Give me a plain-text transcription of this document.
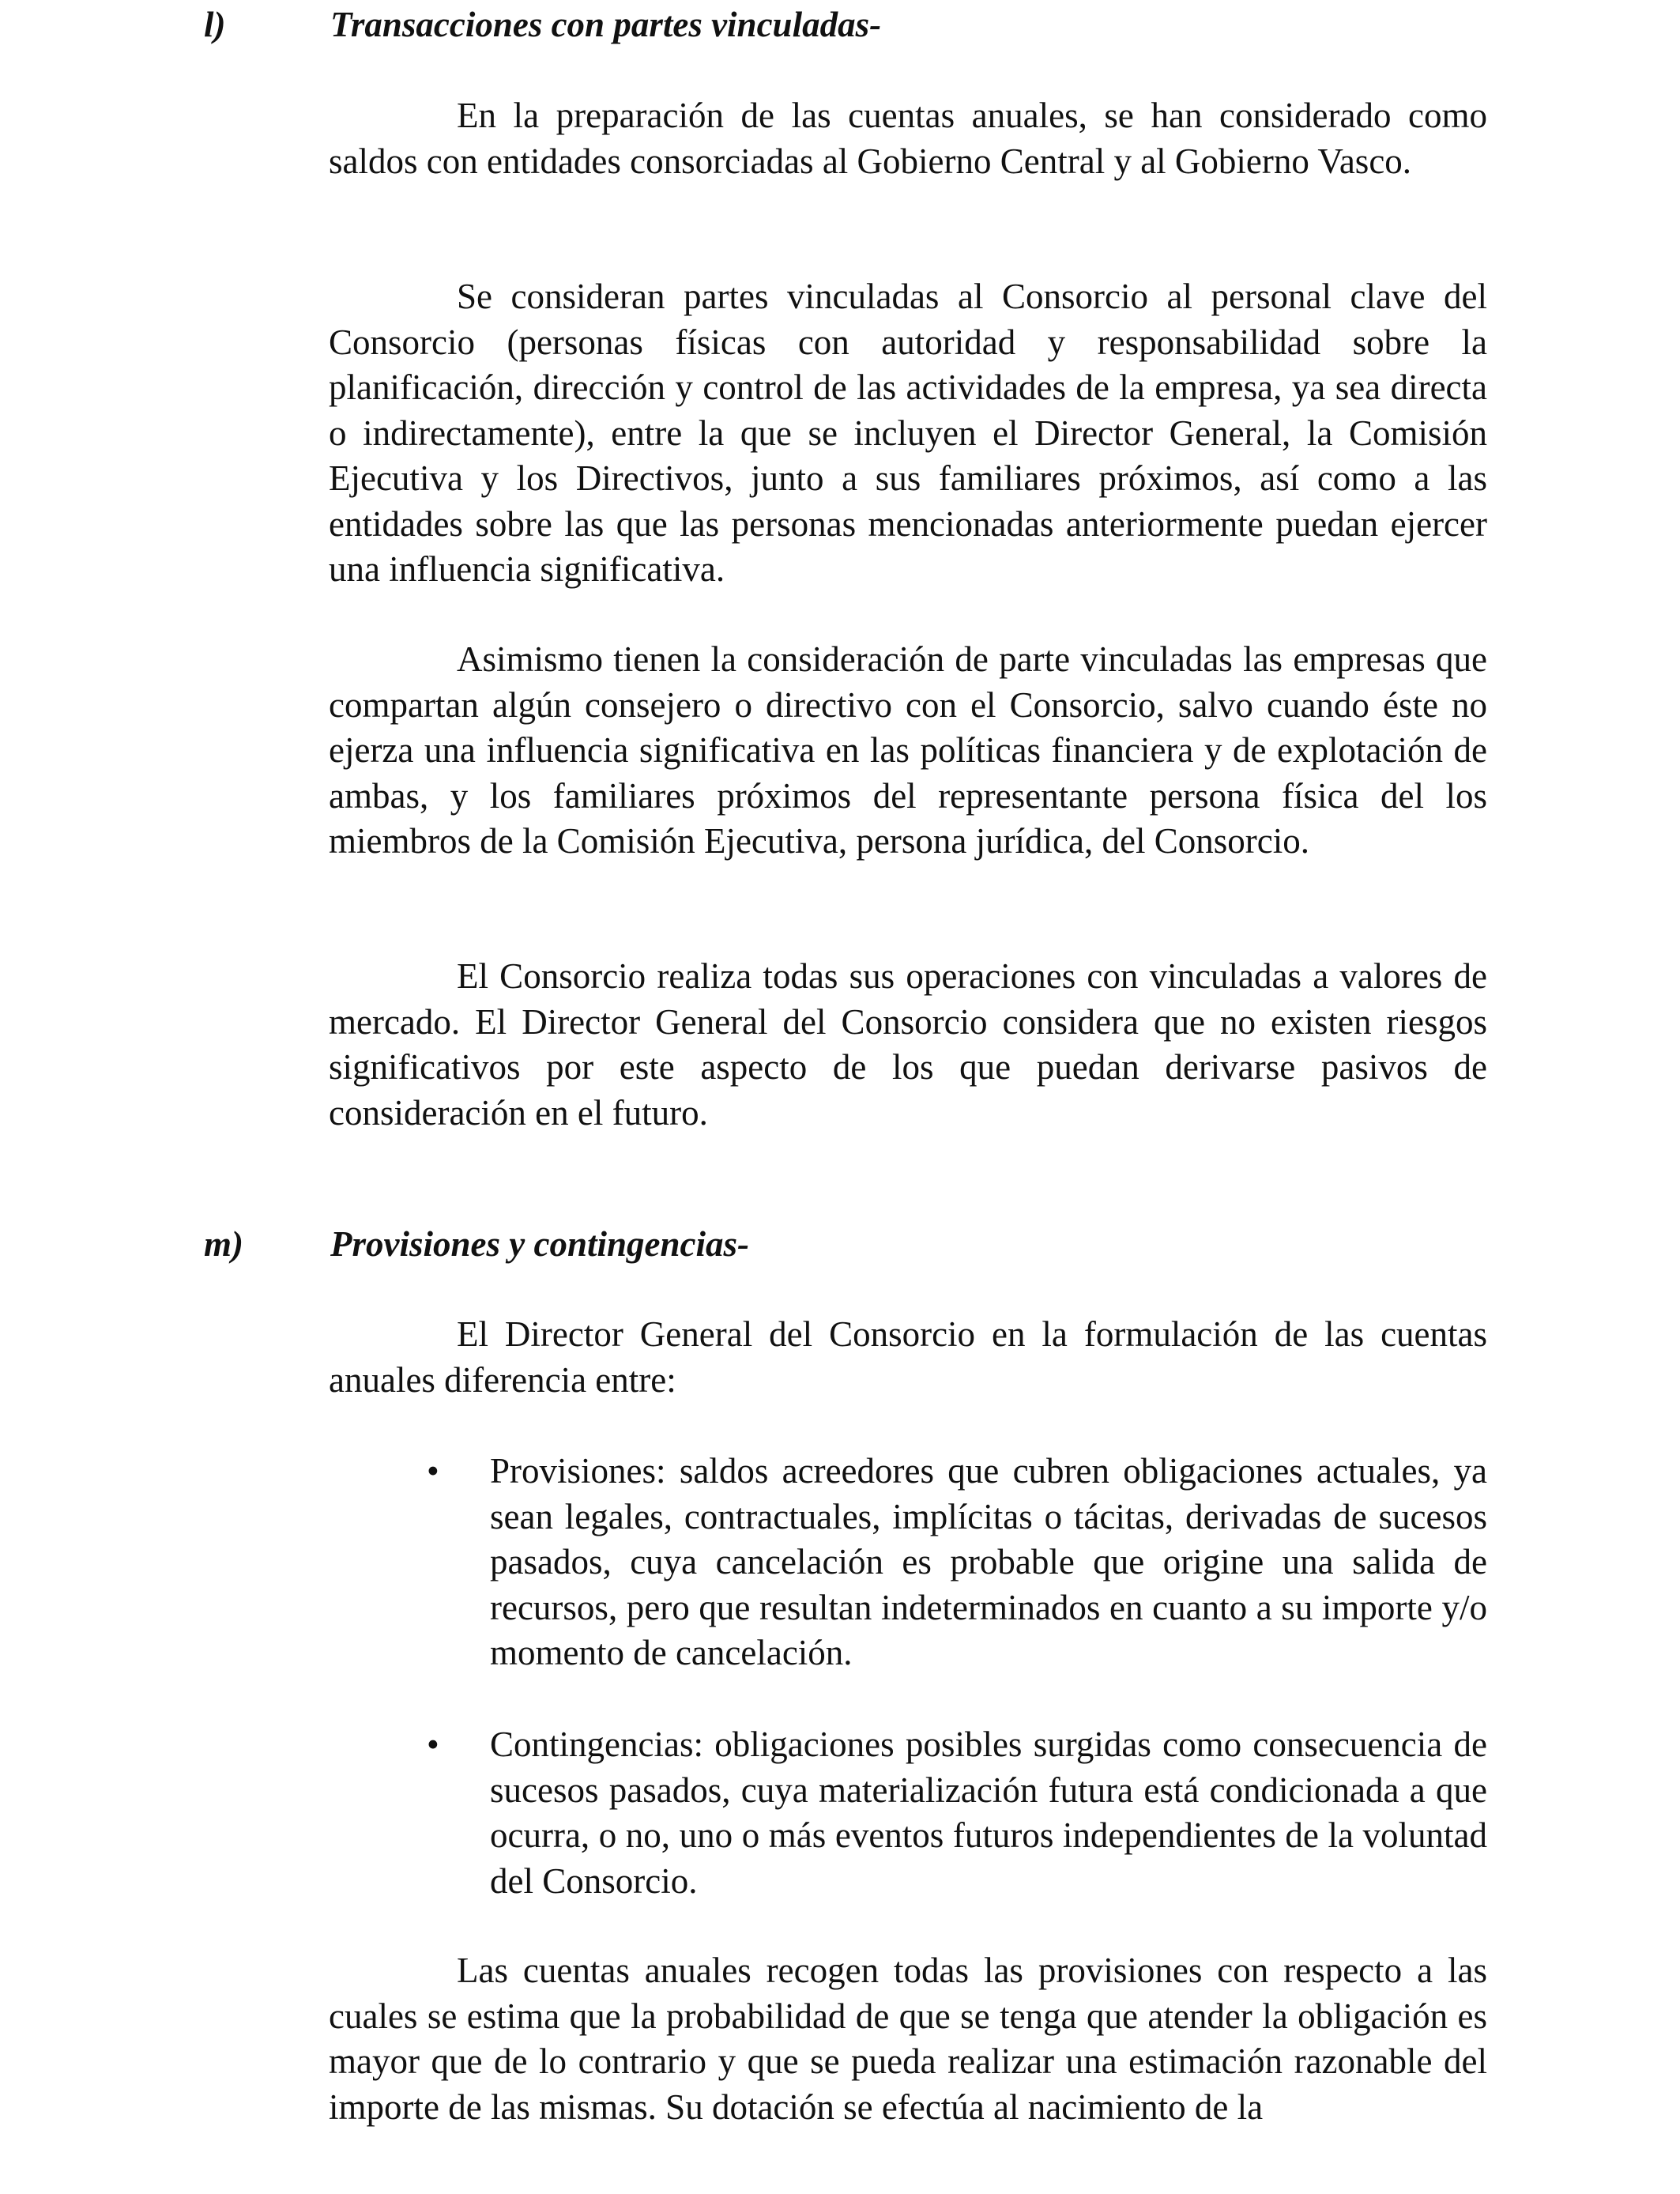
l)	Transacciones con partes vinculadas-

En la preparación de las cuentas anuales, se han considerado como saldos con entidades consorciadas al Gobierno Central y al Gobierno Vasco.

Se consideran partes vinculadas al Consorcio al personal clave del Consorcio (personas físicas con autoridad y responsabilidad sobre la planificación, dirección y control de las actividades de la empresa, ya sea directa o indirectamente), entre la que se incluyen el Director General, la Comisión Ejecutiva y los Directivos, junto a sus familiares próximos, así como a las entidades sobre las que las personas mencionadas anteriormente puedan ejercer una influencia significativa.

Asimismo tienen la consideración de parte vinculadas las empresas que compartan algún consejero o directivo con el Consorcio, salvo cuando éste no ejerza una influencia significativa en las políticas financiera y de explotación de ambas, y los familiares próximos del representante persona física del los miembros de la Comisión Ejecutiva, persona jurídica, del Consorcio.

El Consorcio realiza todas sus operaciones con vinculadas a valores de mercado. El Director General del Consorcio considera que no existen riesgos significativos por este aspecto de los que puedan derivarse pasivos de consideración en el futuro.

m) Provisiones y contingencias-

El Director General del Consorcio en la formulación de las cuentas anuales diferencia entre:

• Provisiones: saldos acreedores que cubren obligaciones actuales, ya sean legales, contractuales, implícitas o tácitas, derivadas de sucesos pasados, cuya cancelación es probable que origine una salida de recursos, pero que resultan indeterminados en cuanto a su importe y/o momento de cancelación.

• Contingencias: obligaciones posibles surgidas como consecuencia de sucesos pasados, cuya materialización futura está condicionada a que ocurra, o no, uno o más eventos futuros independientes de la voluntad del Consorcio.

Las cuentas anuales recogen todas las provisiones con respecto a las cuales se estima que la probabilidad de que se tenga que atender la obligación es mayor que de lo contrario y que se pueda realizar una estimación razonable del importe de las mismas. Su dotación se efectúa al nacimiento de la
